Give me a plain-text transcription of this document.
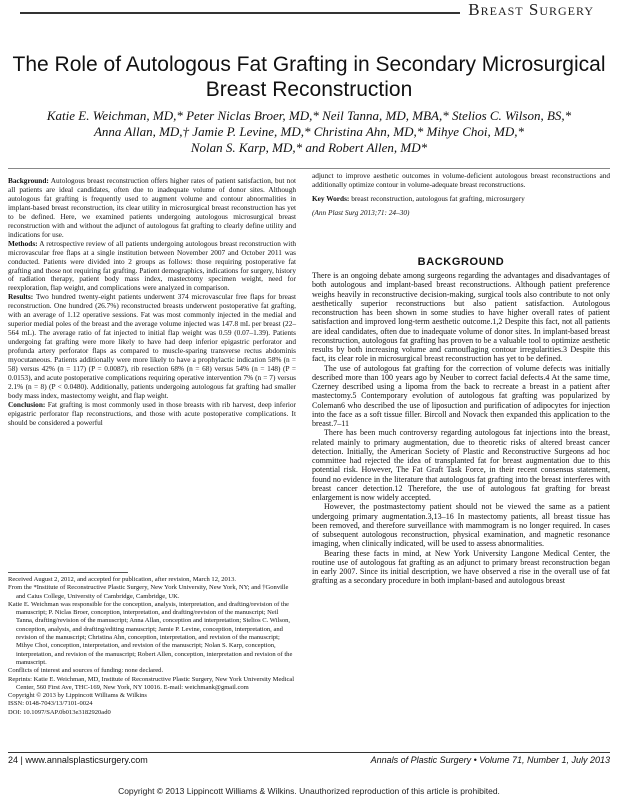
Breast Surgery
The Role of Autologous Fat Grafting in Secondary Microsurgical Breast Reconstruction

Katie E. Weichman, MD,* Peter Niclas Broer, MD,* Neil Tanna, MD, MBA,* Stelios C. Wilson, BS,*

Anna Allan, MD,† Jamie P. Levine, MD,* Christina Ahn, MD,* Mihye Choi, MD,*

Nolan S. Karp, MD,* and Robert Allen, MD*

Background: Autologous breast reconstruction offers higher rates of patient satisfaction, but not all patients are ideal candidates, often due to inadequate volume of donor sites. Although autologous fat grafting is frequently used to augment volume and contour abnormalities in implant-based breast reconstruction, its clear utility in microsurgical breast reconstruction has yet to be defined. Here, we examined patients undergoing autologous microsurgical breast reconstruction with and without the adjunct of autologous fat grafting to clearly define utility and indications for use.

Methods: A retrospective review of all patients undergoing autologous breast reconstruction with microvascular free flaps at a single institution between November 2007 and October 2011 was conducted. Patients were divided into 2 groups as follows: those requiring postoperative fat grafting and those not requiring fat grafting. Patient demographics, indications for surgery, history of radiation therapy, patient body mass index, mastectomy specimen weight, need for reexploration, flap weight, and complications were analyzed in comparison.

Results: Two hundred twenty-eight patients underwent 374 microvascular free flaps for breast reconstruction. One hundred (26.7%) reconstructed breasts underwent postoperative fat grafting, with an average of 1.12 operative sessions. Fat was most commonly injected in the medial and superior medial poles of the breast and the average volume injected was 147.8 mL per breast (22–564 mL). The average ratio of fat injected to initial flap weight was 0.59 (0.07–1.39). Patients undergoing fat grafting were more likely to have had deep inferior epigastric perforator and profunda artery perforator flaps as compared to muscle-sparing transverse rectus abdominis myocutaneous. Patients additionally were more likely to have a prophylactic indication 58% (n = 58) versus 42% (n = 117) (P = 0.0087), rib resection 68% (n = 68) versus 54% (n = 148) (P = 0.0153), and acute postoperative complications requiring operative intervention 7% (n = 7) versus 2.1% (n = 8) (P < 0.0480). Additionally, patients undergoing autologous fat grafting had smaller body mass index, mastectomy weight, and flap weight.

Conclusion: Fat grafting is most commonly used in those breasts with rib harvest, deep inferior epigastric perforator flap reconstructions, and those with acute postoperative complications. It should be considered a powerful

adjunct to improve aesthetic outcomes in volume-deficient autologous breast reconstructions and additionally optimize contour in volume-adequate breast reconstructions.

Key Words: breast reconstruction, autologous fat grafting, microsurgery

(Ann Plast Surg 2013;71: 24–30)

BACKGROUND

There is an ongoing debate among surgeons regarding the advantages and disadvantages of both autologous and implant-based breast reconstructions. Although patient preference weighs heavily in reconstructive decision-making, surgical tools also contribute to not only aesthetically superior reconstructions but also patient satisfaction. Autologous reconstruction has been shown in some studies to have higher overall rates of patient satisfaction and improved long-term aesthetic outcome.1,2 Despite this fact, not all patients are ideal candidates, often due to inadequate volume of donor sites. In implant-based breast reconstruction, autologous fat grafting has proven to be a valuable tool to optimize aesthetic results by both increasing volume and camouflaging contour irregularities.3 Despite this fact, its clear role in microsurgical breast reconstruction has yet to be defined.

The use of autologous fat grafting for the correction of volume defects was initially described more than 100 years ago by Neuber to correct facial defects.4 At the same time, Czerney described using a lipoma from the back to recreate a breast in a patient after mastectomy.5 Contemporary evolution of autologous fat grafting was popularized by Coleman6 who described the use of liposuction and purification of adipocytes for injection into the face as a soft tissue filler. Bircoll and Novack then expanded this application to the breast.7–11

There has been much controversy regarding autologous fat injections into the breast, related mainly to primary augmentation, due to theoretic risks of altered breast cancer detection. Initially, the American Society of Plastic and Reconstructive Surgeons ad hoc committee had rejected the idea of transplanted fat for breast augmentation due to this potential risk. However, The Fat Graft Task Force, in their recent consensus statement, found no evidence in the literature that autologous fat grafting into the breast interferes with breast cancer detection.12 Therefore, the use of autologous fat grafting for breast enlargement is now widely accepted.

However, the postmastectomy patient should not be viewed the same as a patient undergoing primary augmentation.3,13–16 In mastectomy patients, all breast tissue has been removed, and therefore surveillance with mammogram is no longer required. In cases of subsequent autologous reconstruction, physical examination, and magnetic resonance imaging, when clinically indicated, will be used to assess abnormalities.

Bearing these facts in mind, at New York University Langone Medical Center, the routine use of autologous fat grafting as an adjunct to primary breast reconstruction began in early 2007. Since its initial description, we have observed a rise in the overall use of fat grafting as a secondary procedure in both implant-based and autologous breast

Received August 2, 2012, and accepted for publication, after revision, March 12, 2013.

From the *Institute of Reconstructive Plastic Surgery, New York University, New York, NY; and †Gonville and Caius College, University of Cambridge, Cambridge, UK.

Katie E. Weichman was responsible for the conception, analysis, interpretation, and drafting/revision of the manuscript; P. Niclas Broer, conception, interpretation, and drafting/revision of the manuscript; Neil Tanna, drafting/revision of the manuscript; Anna Allan, conception and interpretation; Stelios C. Wilson, conception, analysis, and drafting/editing manuscript; Jamie P. Levine, conception, interpretation, and revision of the manuscript; Christina Ahn, conception, interpretation, and revision of the manuscript; Mihye Choi, conception, interpretation, and revision of the manuscript; Nolan S. Karp, conception, interpretation, and revision of the manuscript; Robert Allen, conception, interpretation and revision of the manuscript.

Conflicts of interest and sources of funding: none declared.

Reprints: Katie E. Weichman, MD, Institute of Reconstructive Plastic Surgery, New York University Medical Center, 560 First Ave, THC-169, New York, NY 10016. E-mail: weichmank@gmail.com

Copyright © 2013 by Lippincott Williams & Wilkins

ISSN: 0148-7043/13/7101-0024

DOI: 10.1097/SAP.0b013e3182920ad0

24 | www.annalsplasticsurgery.com	Annals of Plastic Surgery • Volume 71, Number 1, July 2013
Copyright © 2013 Lippincott Williams & Wilkins. Unauthorized reproduction of this article is prohibited.
